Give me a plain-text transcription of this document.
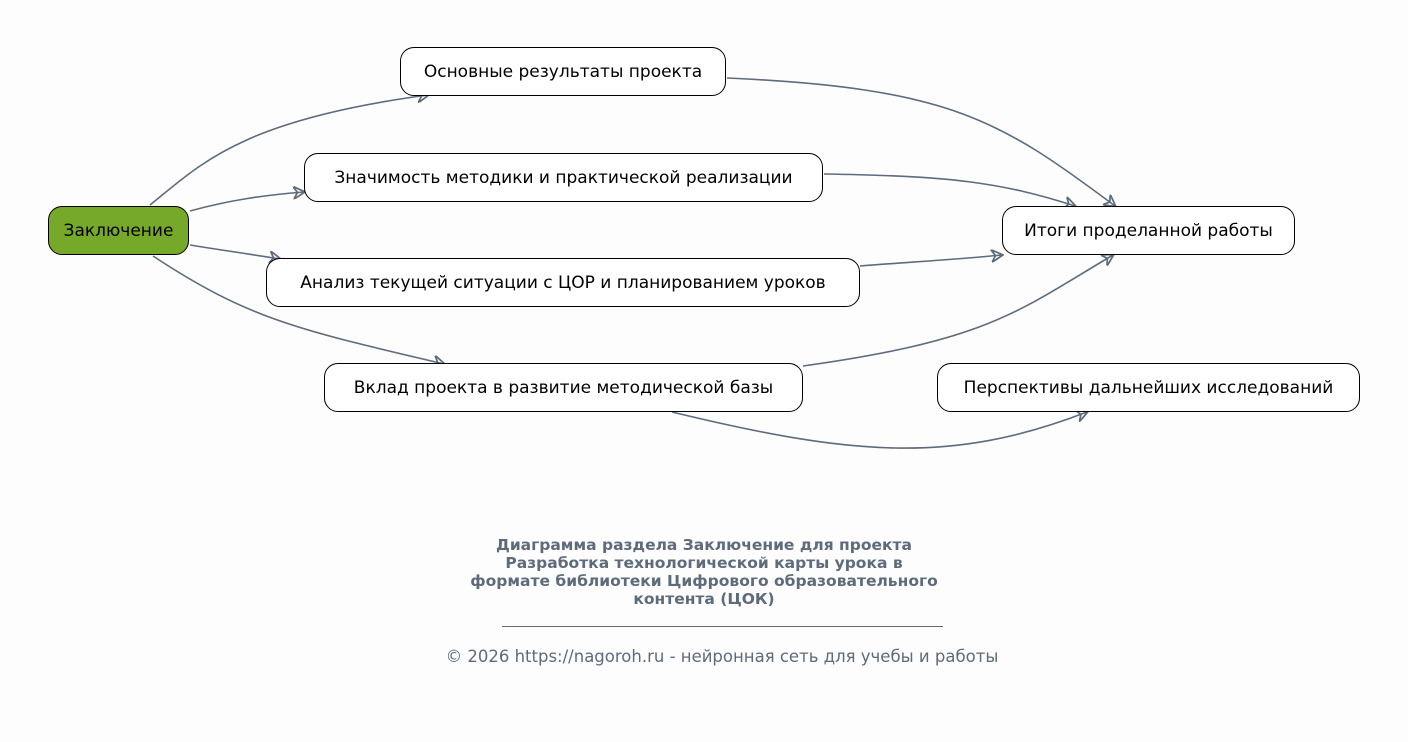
Заключение
Основные результаты проекта
Значимость методики и практической реализации
Анализ текущей ситуации с ЦОР и планированием уроков
Вклад проекта в развитие методической базы
Итоги проделанной работы
Перспективы дальнейших исследований
Диаграмма раздела Заключение для проекта
Разработка технологической карты урока в
формате библиотеки Цифрового образовательного
контента (ЦОК)
© 2026 https://nagoroh.ru - нейронная сеть для учебы и работы
